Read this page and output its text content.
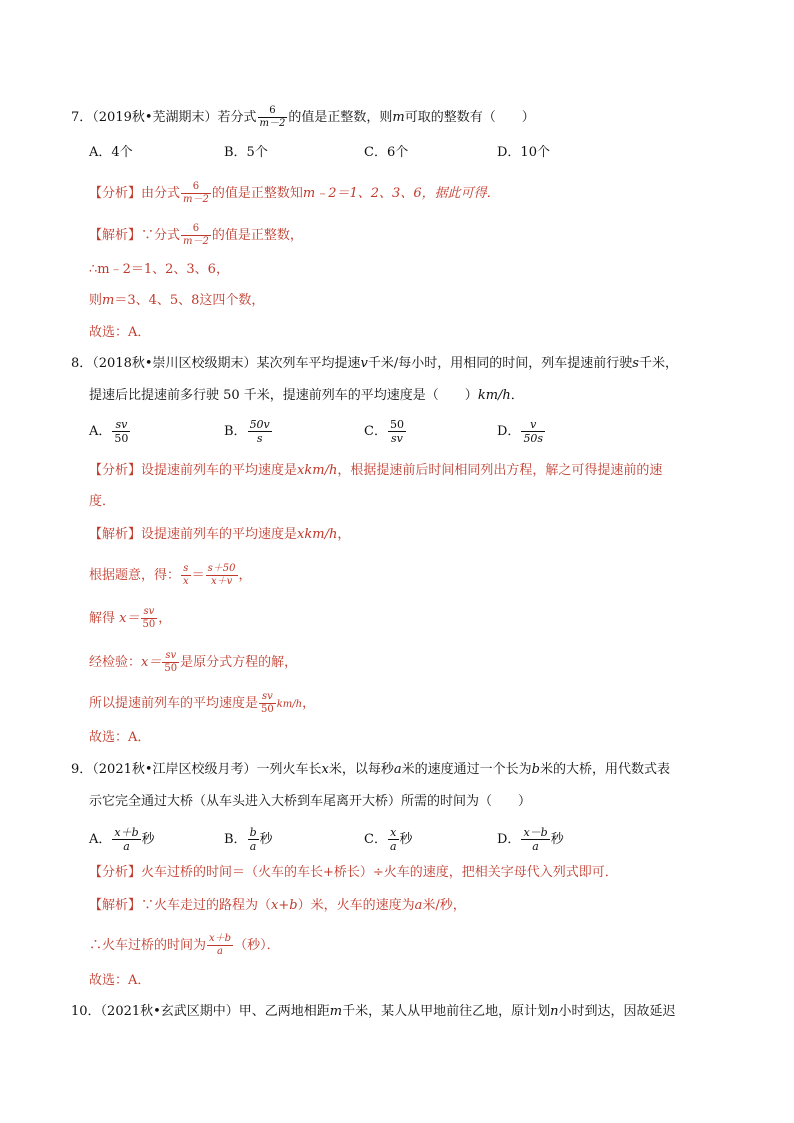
7．（2019秋•芜湖期末）若分式 $\frac{6}{m-2}$ 的值是正整数，则m可取的整数有（　　）
A．4个	B．5个	C．6个	D．10个
【分析】由分式 $\frac{6}{m-2}$ 的值是正整数知m﹣2＝1、2、3、6，据此可得．
【解析】∵分式 $\frac{6}{m-2}$ 的值是正整数，
∴m﹣2＝1、2、3、6，
则m＝3、4、5、8这四个数，
故选：A．
8．（2018秋•崇川区校级期末）某次列车平均提速v千米/每小时，用相同的时间，列车提速前行驶s千米，
提速后比提速前多行驶 50 千米，提速前列车的平均速度是（　　）km/h．
A． $\frac{sv}{50}$	B． $\frac{50v}{s}$	C． $\frac{50}{sv}$	D． $\frac{v}{50s}$
【分析】设提速前列车的平均速度是xkm/h，根据提速前后时间相同列出方程，解之可得提速前的速
度．
【解析】设提速前列车的平均速度是xkm/h，
根据题意，得： $\frac{s}{x} = \frac{s+50}{x+v}$ ，
解得 $x= \frac{sv}{50}$ ，
经检验：$x= \frac{sv}{50}$ 是原分式方程的解，
所以提速前列车的平均速度是 $\frac{sv}{50} km/h$，
故选：A．
9．（2021秋•江岸区校级月考）一列火车长x米，以每秒a米的速度通过一个长为b米的大桥，用代数式表
示它完全通过大桥（从车头进入大桥到车尾离开大桥）所需的时间为（　　）
A． $\frac{x+b}{a}$ 秒	B． $\frac{b}{a}$ 秒	C． $\frac{x}{a}$ 秒	D． $\frac{x-b}{a}$ 秒
【分析】火车过桥的时间＝（火车的车长+桥长）÷火车的速度，把相关字母代入列式即可．
【解析】∵火车走过的路程为（x+b）米，火车的速度为a米/秒，
∴火车过桥的时间为 $\frac{x+b}{a}$ （秒）．
故选：A．
10．（2021秋•玄武区期中）甲、乙两地相距m千米，某人从甲地前往乙地，原计划n小时到达，因故延迟
